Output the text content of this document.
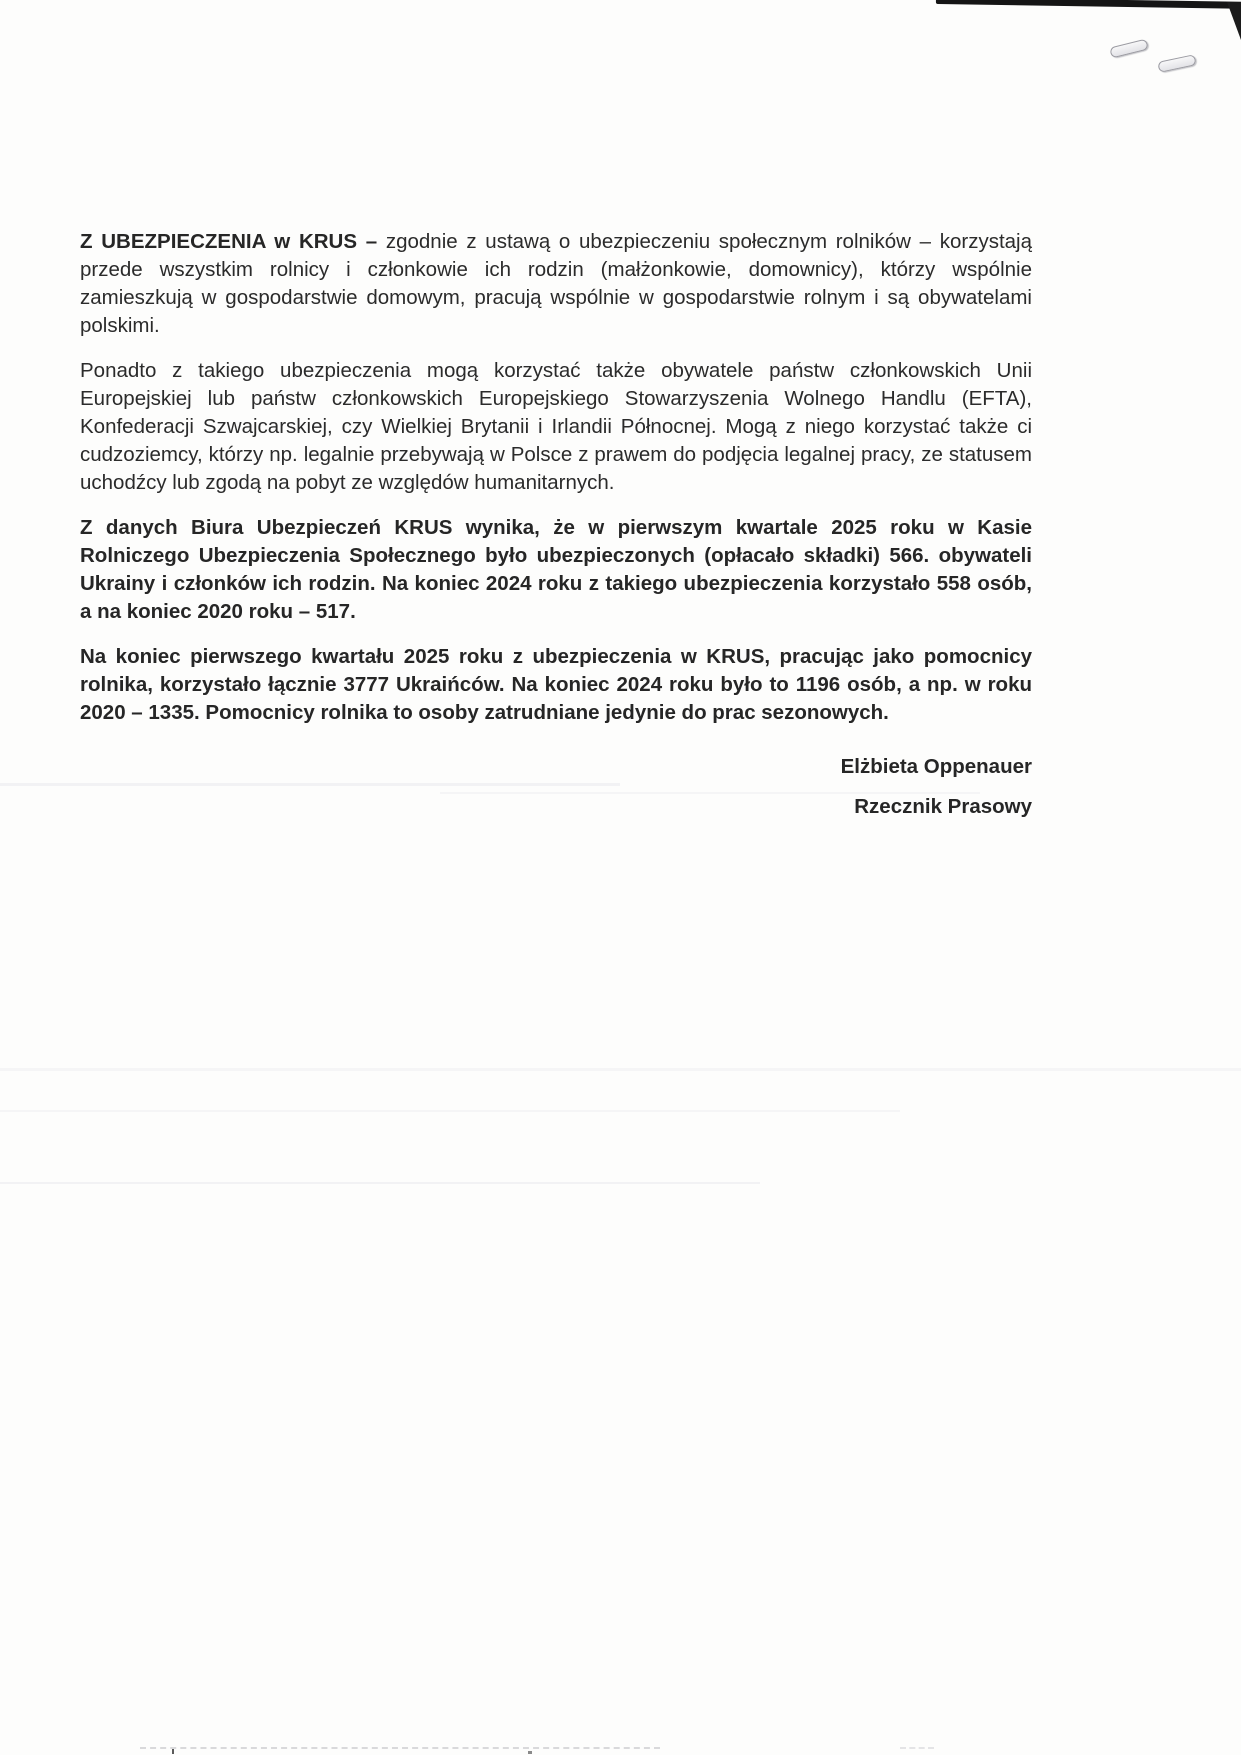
Z UBEZPIECZENIA w KRUS – zgodnie z ustawą o ubezpieczeniu społecznym rolników – korzystają przede wszystkim rolnicy i członkowie ich rodzin (małżonkowie, domownicy), którzy wspólnie zamieszkują w gospodarstwie domowym, pracują wspólnie w gospodarstwie rolnym i są obywatelami polskimi.

Ponadto z takiego ubezpieczenia mogą korzystać także obywatele państw członkowskich Unii Europejskiej lub państw członkowskich Europejskiego Stowarzyszenia Wolnego Handlu (EFTA), Konfederacji Szwajcarskiej, czy Wielkiej Brytanii i Irlandii Północnej. Mogą z niego korzystać także ci cudzoziemcy, którzy np. legalnie przebywają w Polsce z prawem do podjęcia legalnej pracy, ze statusem uchodźcy lub zgodą na pobyt ze względów humanitarnych.

Z danych Biura Ubezpieczeń KRUS wynika, że w pierwszym kwartale 2025 roku w Kasie Rolniczego Ubezpieczenia Społecznego było ubezpieczonych (opłacało składki) 566. obywateli Ukrainy i członków ich rodzin. Na koniec 2024 roku z takiego ubezpieczenia korzystało 558 osób, a na koniec 2020 roku – 517.

Na koniec pierwszego kwartału 2025 roku z ubezpieczenia w KRUS, pracując jako pomocnicy rolnika, korzystało łącznie 3777 Ukraińców. Na koniec 2024 roku było to 1196 osób, a np. w roku 2020 – 1335. Pomocnicy rolnika to osoby zatrudniane jedynie do prac sezonowych.

Elżbieta Oppenauer

Rzecznik Prasowy
